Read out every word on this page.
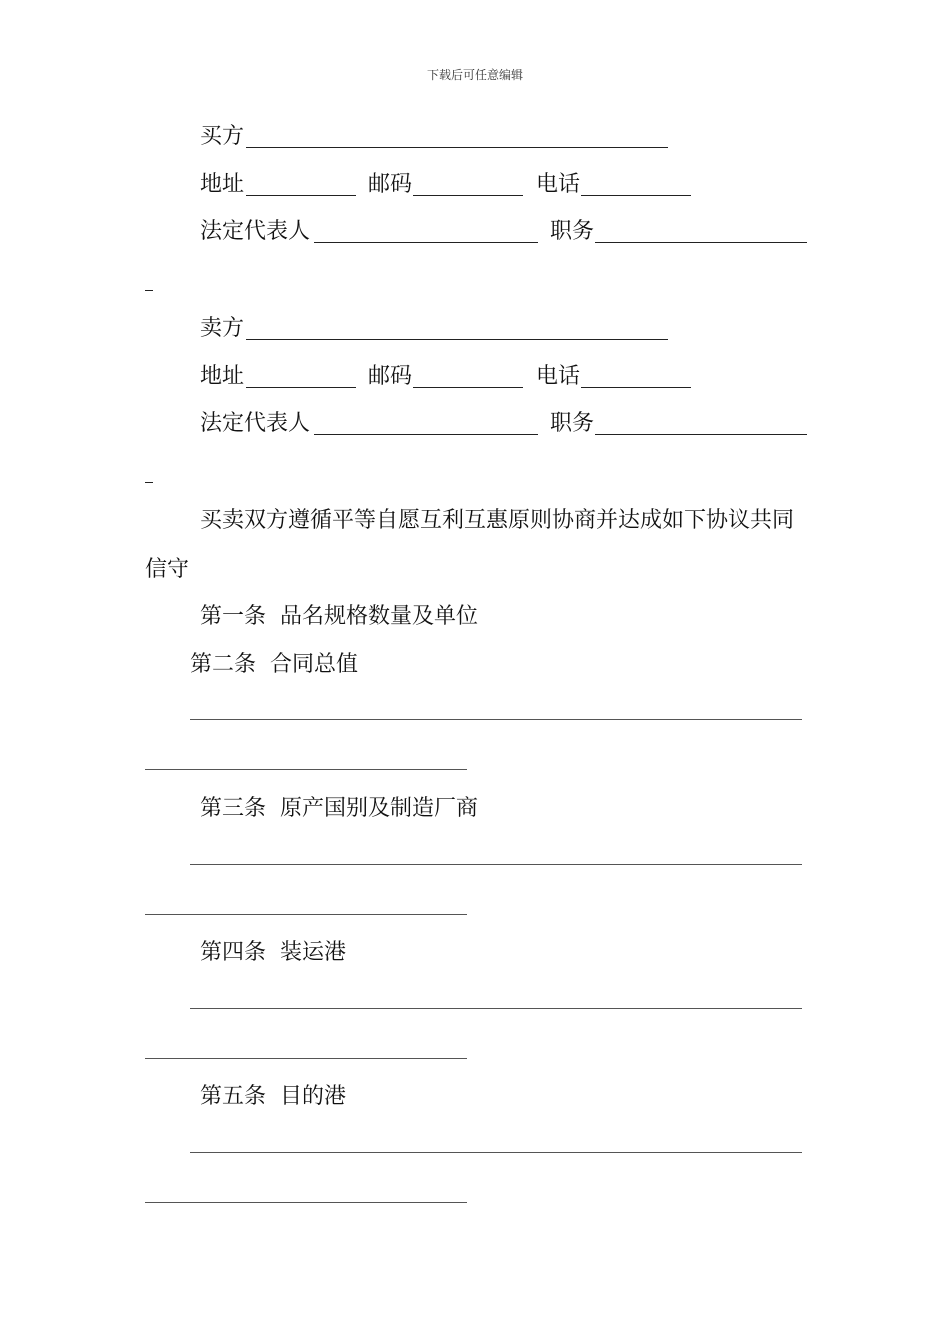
下载后可任意编辑
买方
地址	邮码	电话
法定代表人	职务
卖方
地址	邮码	电话
法定代表人	职务
买卖双方遵循平等自愿互利互惠原则协商并达成如下协议共同
信守
第一条 品名规格数量及单位
第二条 合同总值
第三条 原产国别及制造厂商
第四条 装运港
第五条 目的港
